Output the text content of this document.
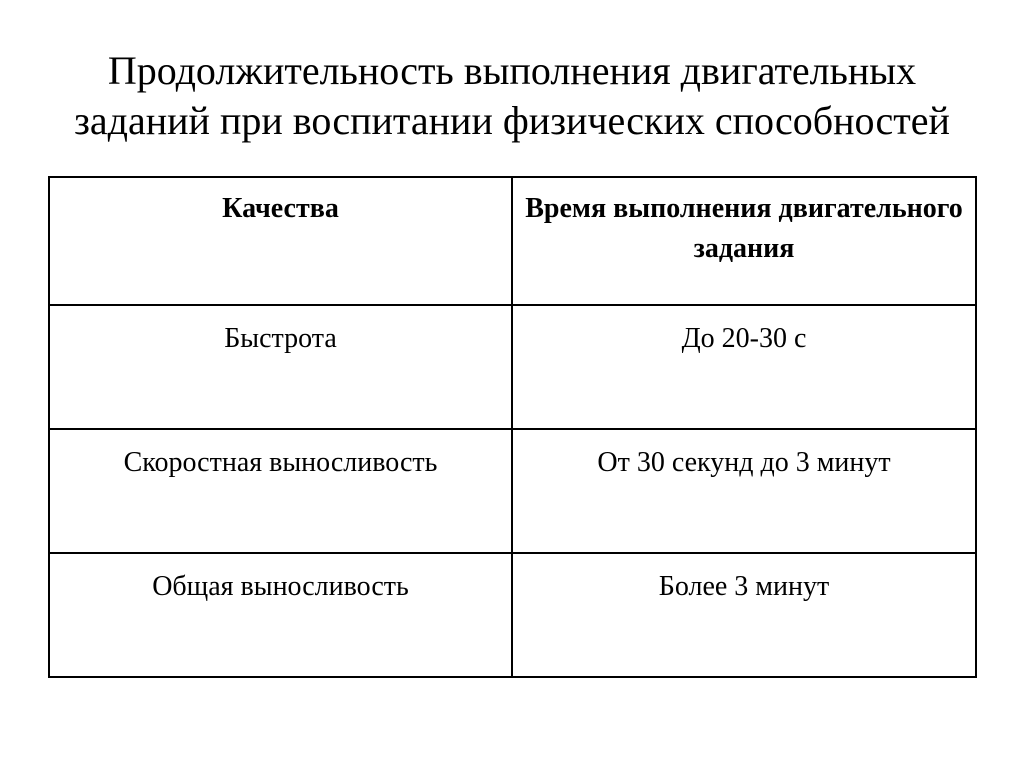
Продолжительность выполнения двигательных
заданий при воспитании физических способностей
Качества	Время выполнения двигательного задания
Быстрота	До 20-30 с
Скоростная выносливость	От 30 секунд до 3 минут
Общая выносливость	Более 3 минут
